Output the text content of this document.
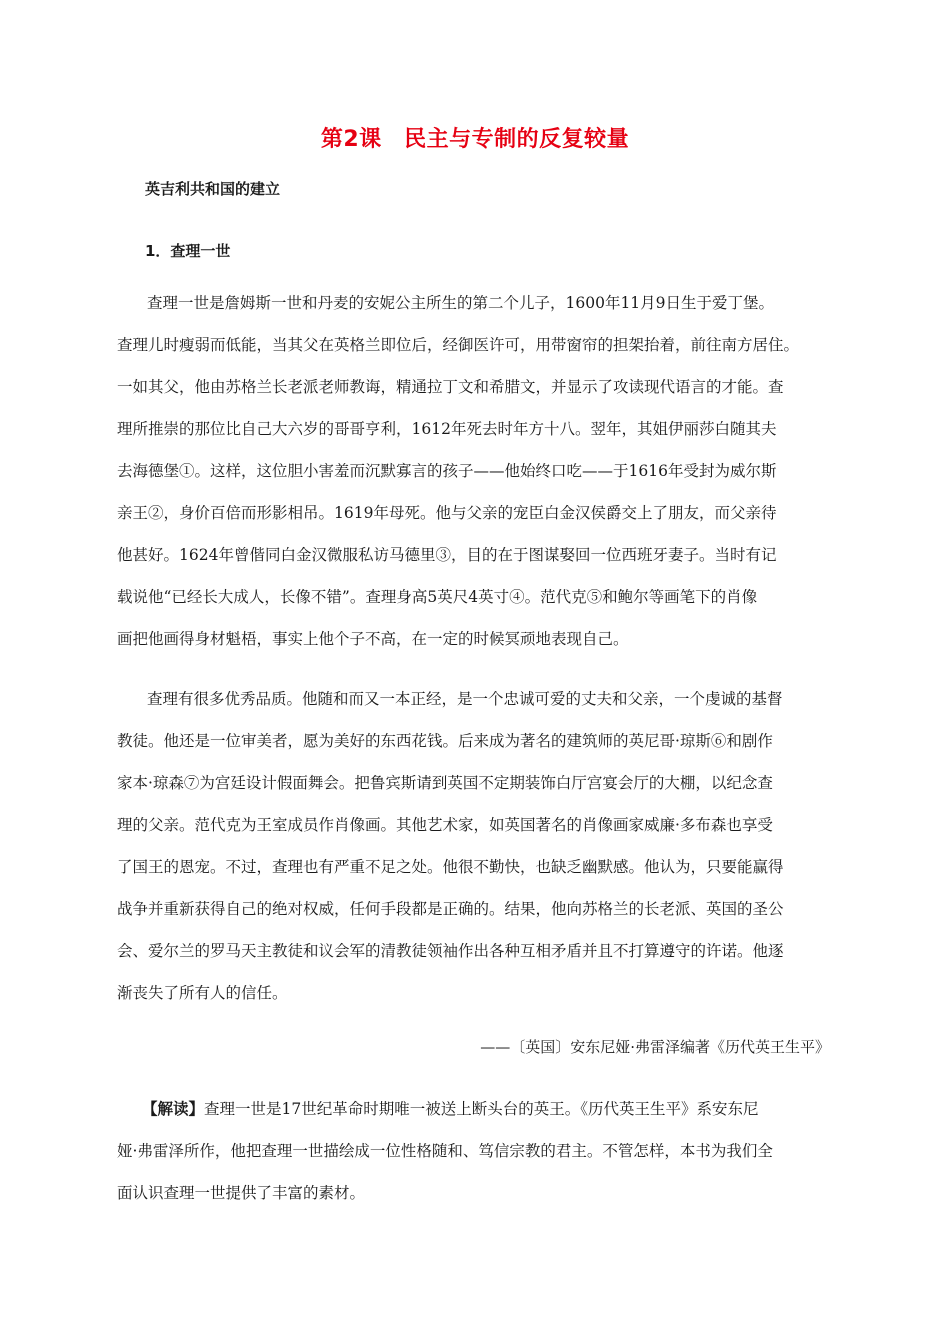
第2课　民主与专制的反复较量
英吉利共和国的建立
1．查理一世
查理一世是詹姆斯一世和丹麦的安妮公主所生的第二个儿子，1600年11月9日生于爱丁堡。
查理儿时瘦弱而低能，当其父在英格兰即位后，经御医许可，用带窗帘的担架抬着，前往南方居住。
一如其父，他由苏格兰长老派老师教诲，精通拉丁文和希腊文，并显示了攻读现代语言的才能。查
理所推崇的那位比自己大六岁的哥哥亨利，1612年死去时年方十八。翌年，其姐伊丽莎白随其夫
去海德堡①。这样，这位胆小害羞而沉默寡言的孩子——他始终口吃——于1616年受封为威尔斯
亲王②，身价百倍而形影相吊。1619年母死。他与父亲的宠臣白金汉侯爵交上了朋友，而父亲待
他甚好。1624年曾偕同白金汉微服私访马德里③，目的在于图谋娶回一位西班牙妻子。当时有记
载说他“已经长大成人，长像不错”。查理身高5英尺4英寸④。范代克⑤和鲍尔等画笔下的肖像
画把他画得身材魁梧，事实上他个子不高，在一定的时候冥顽地表现自己。
查理有很多优秀品质。他随和而又一本正经，是一个忠诚可爱的丈夫和父亲，一个虔诚的基督
教徒。他还是一位审美者，愿为美好的东西花钱。后来成为著名的建筑师的英尼哥·琼斯⑥和剧作
家本·琼森⑦为宫廷设计假面舞会。把鲁宾斯请到英国不定期装饰白厅宫宴会厅的大棚，以纪念查
理的父亲。范代克为王室成员作肖像画。其他艺术家，如英国著名的肖像画家威廉·多布森也享受
了国王的恩宠。不过，查理也有严重不足之处。他很不勤快，也缺乏幽默感。他认为，只要能赢得
战争并重新获得自己的绝对权威，任何手段都是正确的。结果，他向苏格兰的长老派、英国的圣公
会、爱尔兰的罗马天主教徒和议会军的清教徒领袖作出各种互相矛盾并且不打算遵守的许诺。他逐
渐丧失了所有人的信任。
——〔英国〕安东尼娅·弗雷泽编著《历代英王生平》
【解读】查理一世是17世纪革命时期唯一被送上断头台的英王。《历代英王生平》系安东尼
娅·弗雷泽所作，他把查理一世描绘成一位性格随和、笃信宗教的君主。不管怎样，本书为我们全
面认识查理一世提供了丰富的素材。
